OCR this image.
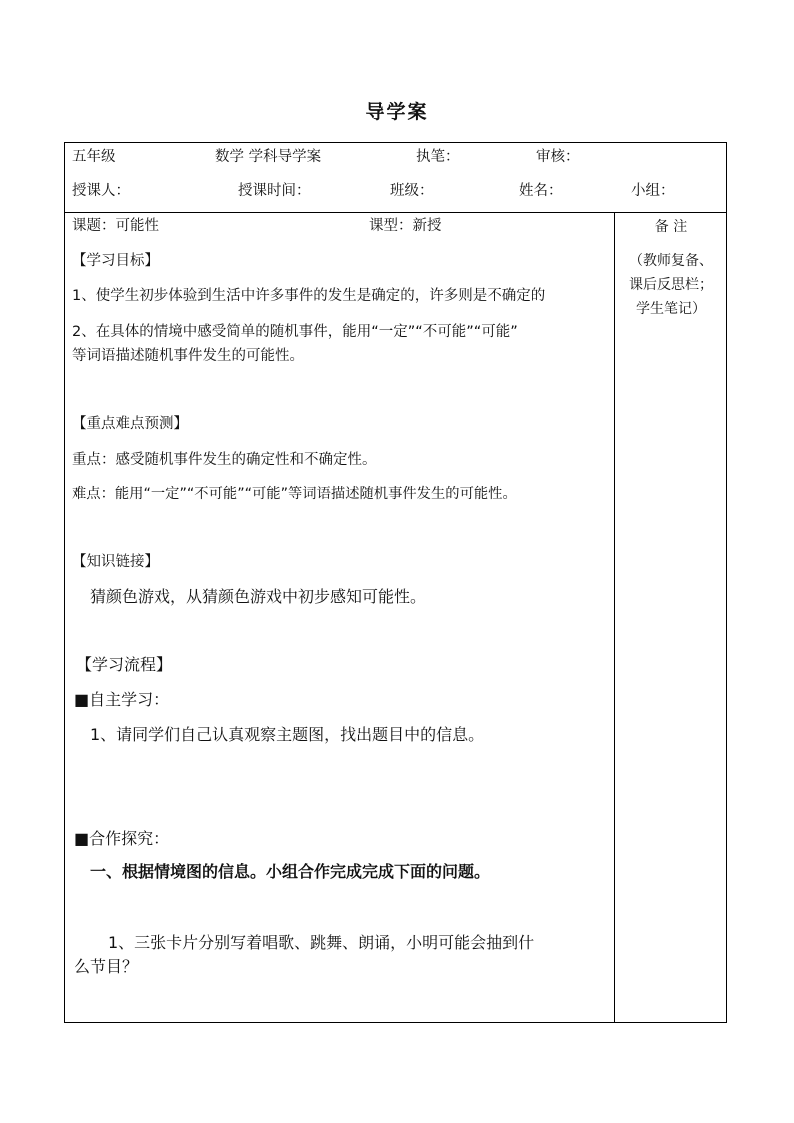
导学案
五年级	数学 学科导学案	执笔：	审核：
授课人：	授课时间：	班级：	姓名：	小组：
课题：可能性	课型：新授	备 注
（教师复备、
课后反思栏；
学生笔记）
【学习目标】
1、使学生初步体验到生活中许多事件的发生是确定的，许多则是不确定的
2、在具体的情境中感受简单的随机事件，能用“一定”“不可能”“可能”
等词语描述随机事件发生的可能性。
【重点难点预测】
重点：感受随机事件发生的确定性和不确定性。
难点：能用“一定”“不可能”“可能”等词语描述随机事件发生的可能性。
【知识链接】
猜颜色游戏，从猜颜色游戏中初步感知可能性。
【学习流程】
■自主学习：
1、请同学们自己认真观察主题图，找出题目中的信息。
■合作探究：
一、根据情境图的信息。小组合作完成完成下面的问题。
1、三张卡片分别写着唱歌、跳舞、朗诵，小明可能会抽到什
么节目？
